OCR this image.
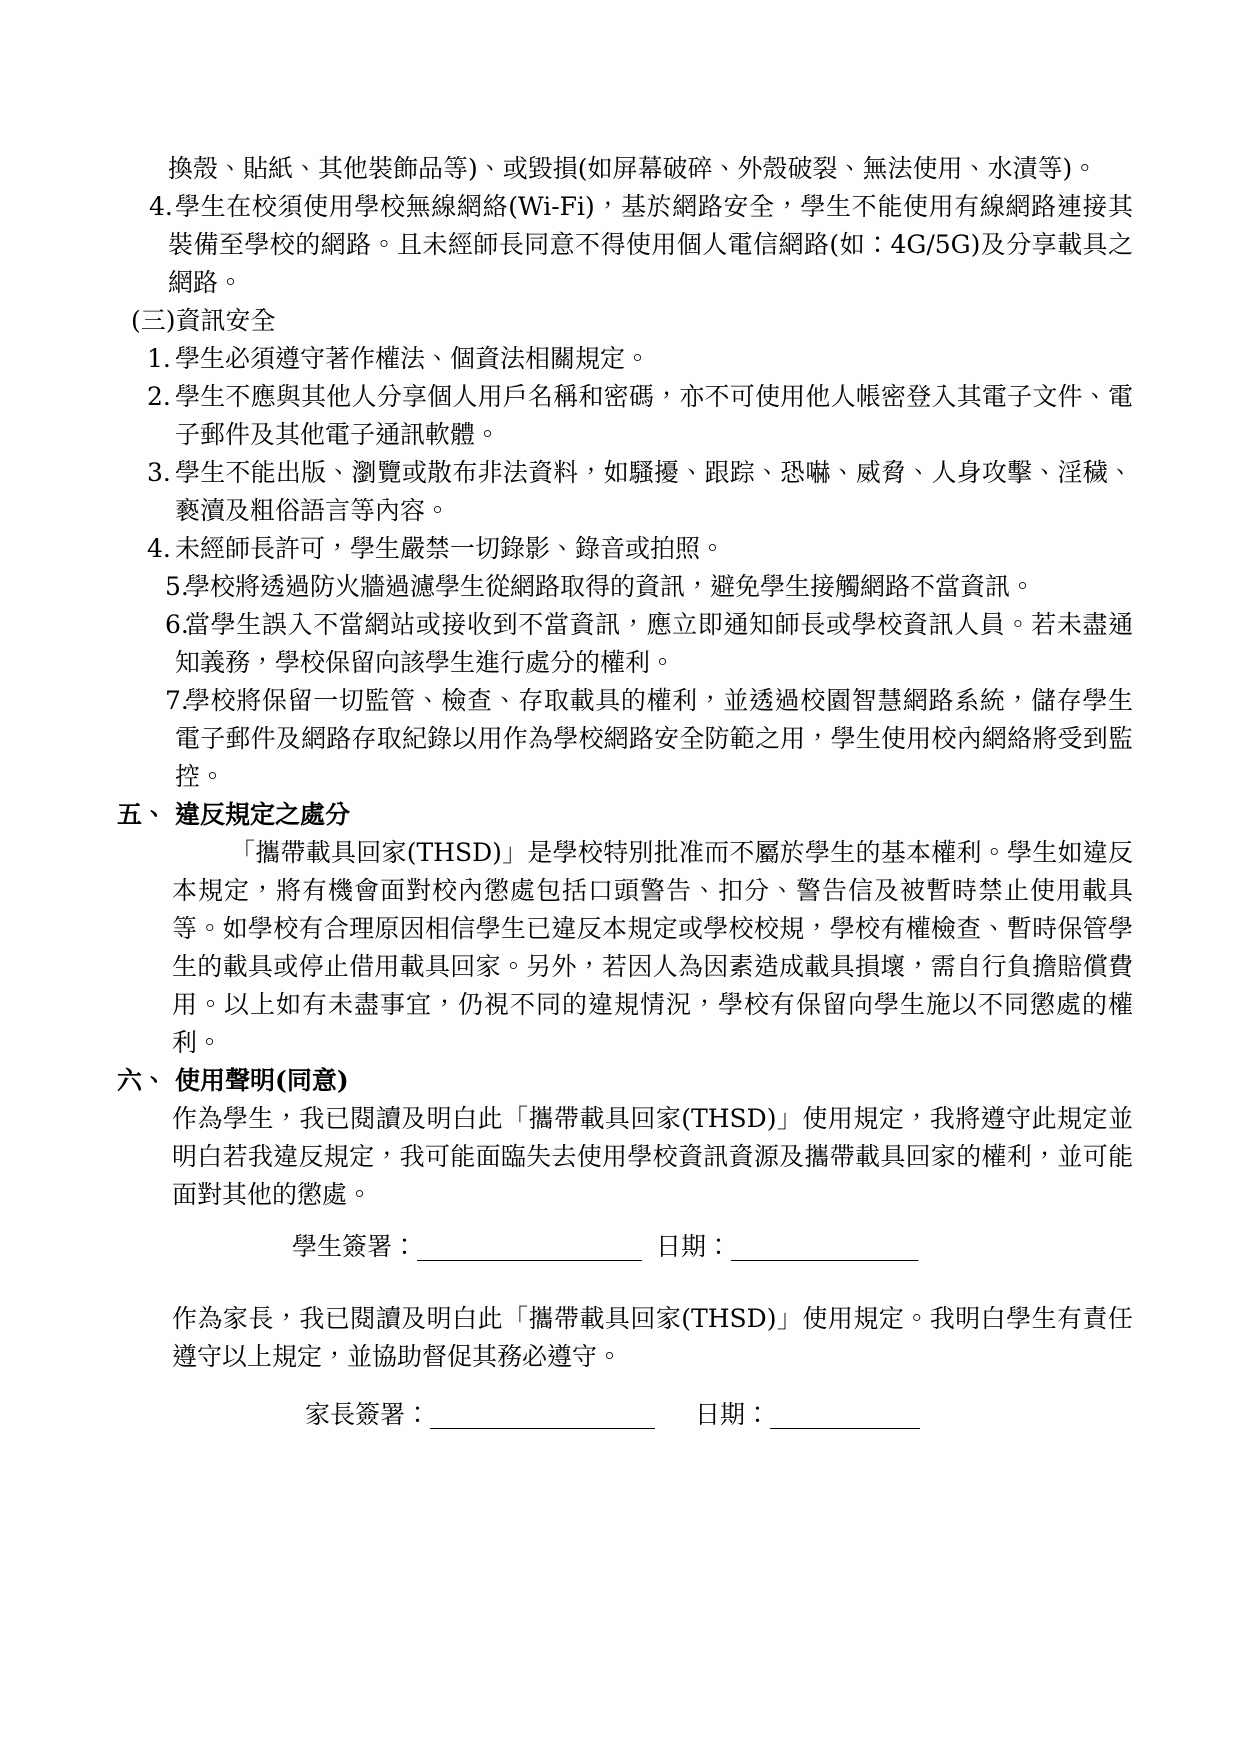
換殼、貼紙、其他裝飾品等)、或毀損(如屏幕破碎、外殼破裂、無法使用、水漬等)。
4. 學生在校須使用學校無線網絡(Wi-Fi)，基於網路安全，學生不能使用有線網路連接其裝備至學校的網路。且未經師長同意不得使用個人電信網路(如：4G/5G)及分享載具之網路。
(三)資訊安全
1. 學生必須遵守著作權法、個資法相關規定。
2. 學生不應與其他人分享個人用戶名稱和密碼，亦不可使用他人帳密登入其電子文件、電子郵件及其他電子通訊軟體。
3. 學生不能出版、瀏覽或散布非法資料，如騷擾、跟踪、恐嚇、威脅、人身攻擊、淫穢、褻瀆及粗俗語言等內容。
4. 未經師長許可，學生嚴禁一切錄影、錄音或拍照。
5.
學校將透過防火牆過濾學生從網路取得的資訊，避免學生接觸網路不當資訊。
6.
當學生誤入不當網站或接收到不當資訊，應立即通知師長或學校資訊人員。若未盡通知義務，學校保留向該學生進行處分的權利。
7.
學校將保留一切監管、檢查、存取載具的權利，並透過校園智慧網路系統，儲存學生電子郵件及網路存取紀錄以用作為學校網路安全防範之用，學生使用校內網絡將受到監控。
五、 違反規定之處分
「攜帶載具回家(THSD)」是學校特別批准而不屬於學生的基本權利。學生如違反本規定，將有機會面對校內懲處包括口頭警告、扣分、警告信及被暫時禁止使用載具等。如學校有合理原因相信學生已違反本規定或學校校規，學校有權檢查、暫時保管學生的載具或停止借用載具回家。另外，若因人為因素造成載具損壞，需自行負擔賠償費用。以上如有未盡事宜，仍視不同的違規情況，學校有保留向學生施以不同懲處的權利。
六、 使用聲明(同意)
作為學生，我已閱讀及明白此「攜帶載具回家(THSD)」使用規定，我將遵守此規定並明白若我違反規定，我可能面臨失去使用學校資訊資源及攜帶載具回家的權利，並可能面對其他的懲處。
學生簽署：__________________ 日期：_______________
作為家長，我已閱讀及明白此「攜帶載具回家(THSD)」使用規定。我明白學生有責任遵守以上規定，並協助督促其務必遵守。
家長簽署：__________________ 日期：____________
